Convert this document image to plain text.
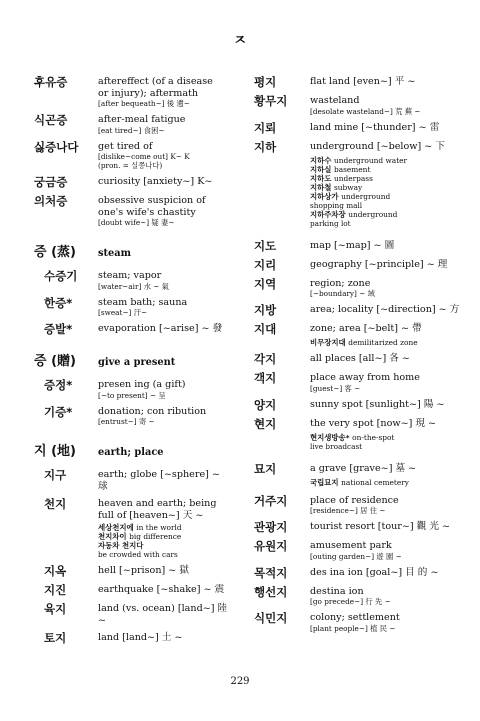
ㅈ
후유증	aftereffect (of a disease
or injury); aftermath
[after bequeath~] 後 遺~
식곤증	after-meal fatigue
[eat tired~] 食困~
싫증나다	get tired of
[dislike~come out] K~ K
(pron. = 실쯩나다)
궁금증	curiosity [anxiety~] K~
의처증	obsessive suspicion of
one's wife's chastity
[doubt wife~] 疑 妻~
증 (蒸)	steam
수증기	steam; vapor
[water~air] 水 ~ 氣
한증*	steam bath; sauna
[sweat~] 汗~
증발*	evaporation [~arise] ~ 發
증 (贈)	give a present
증정*	presen ing (a gift)
[~to present] ~ 呈
기증*	donation; con ribution
[entrust~] 寄 ~
지 (地)	earth; place
지구	earth; globe [~sphere] ~ 球
천지	heaven and earth; being
full of [heaven~] 天 ~
세상천지에 in the world
천지차이 big difference
자동차 천지다
be crowded with cars
지옥	hell [~prison] ~ 獄
지진	earthquake [~shake] ~ 震
육지	land (vs. ocean) [land~] 陸 ~
토지	land [land~] 土 ~
평지	flat land [even~] 平 ~
황무지	wasteland
[desolate wasteland~] 荒 蕪 ~
지뢰	land mine [~thunder] ~ 雷
지하	underground [~below] ~ 下
지하수 underground water
지하실 basement
지하도 underpass
지하철 subway
지하상가 underground
shopping mall
지하주차장 underground
parking lot
지도	map [~map] ~ 圖
지리	geography [~principle] ~ 理
지역	region; zone
[~boundary] ~ 域
지방	area; locality [~direction] ~ 方
지대	zone; area [~belt] ~ 帶
비무장지대 demilitarized zone
각지	all places [all~] 各 ~
객지	place away from home
[guest~] 客 ~
양지	sunny spot [sunlight~] 陽 ~
현지	the very spot [now~] 現 ~
현지생방송* on-the-spot
live broadcast
묘지	a grave [grave~] 墓 ~
국립묘지 national cemetery
거주지	place of residence
[residence~] 居 住 ~
관광지	tourist resort [tour~] 觀 光 ~
유원지	amusement park
[outing garden~] 遊 園 ~
목적지	des ina ion [goal~] 目 的 ~
행선지	destina ion
[go precede~] 行 先 ~
식민지	colony; settlement
[plant people~] 植 民 ~
229
